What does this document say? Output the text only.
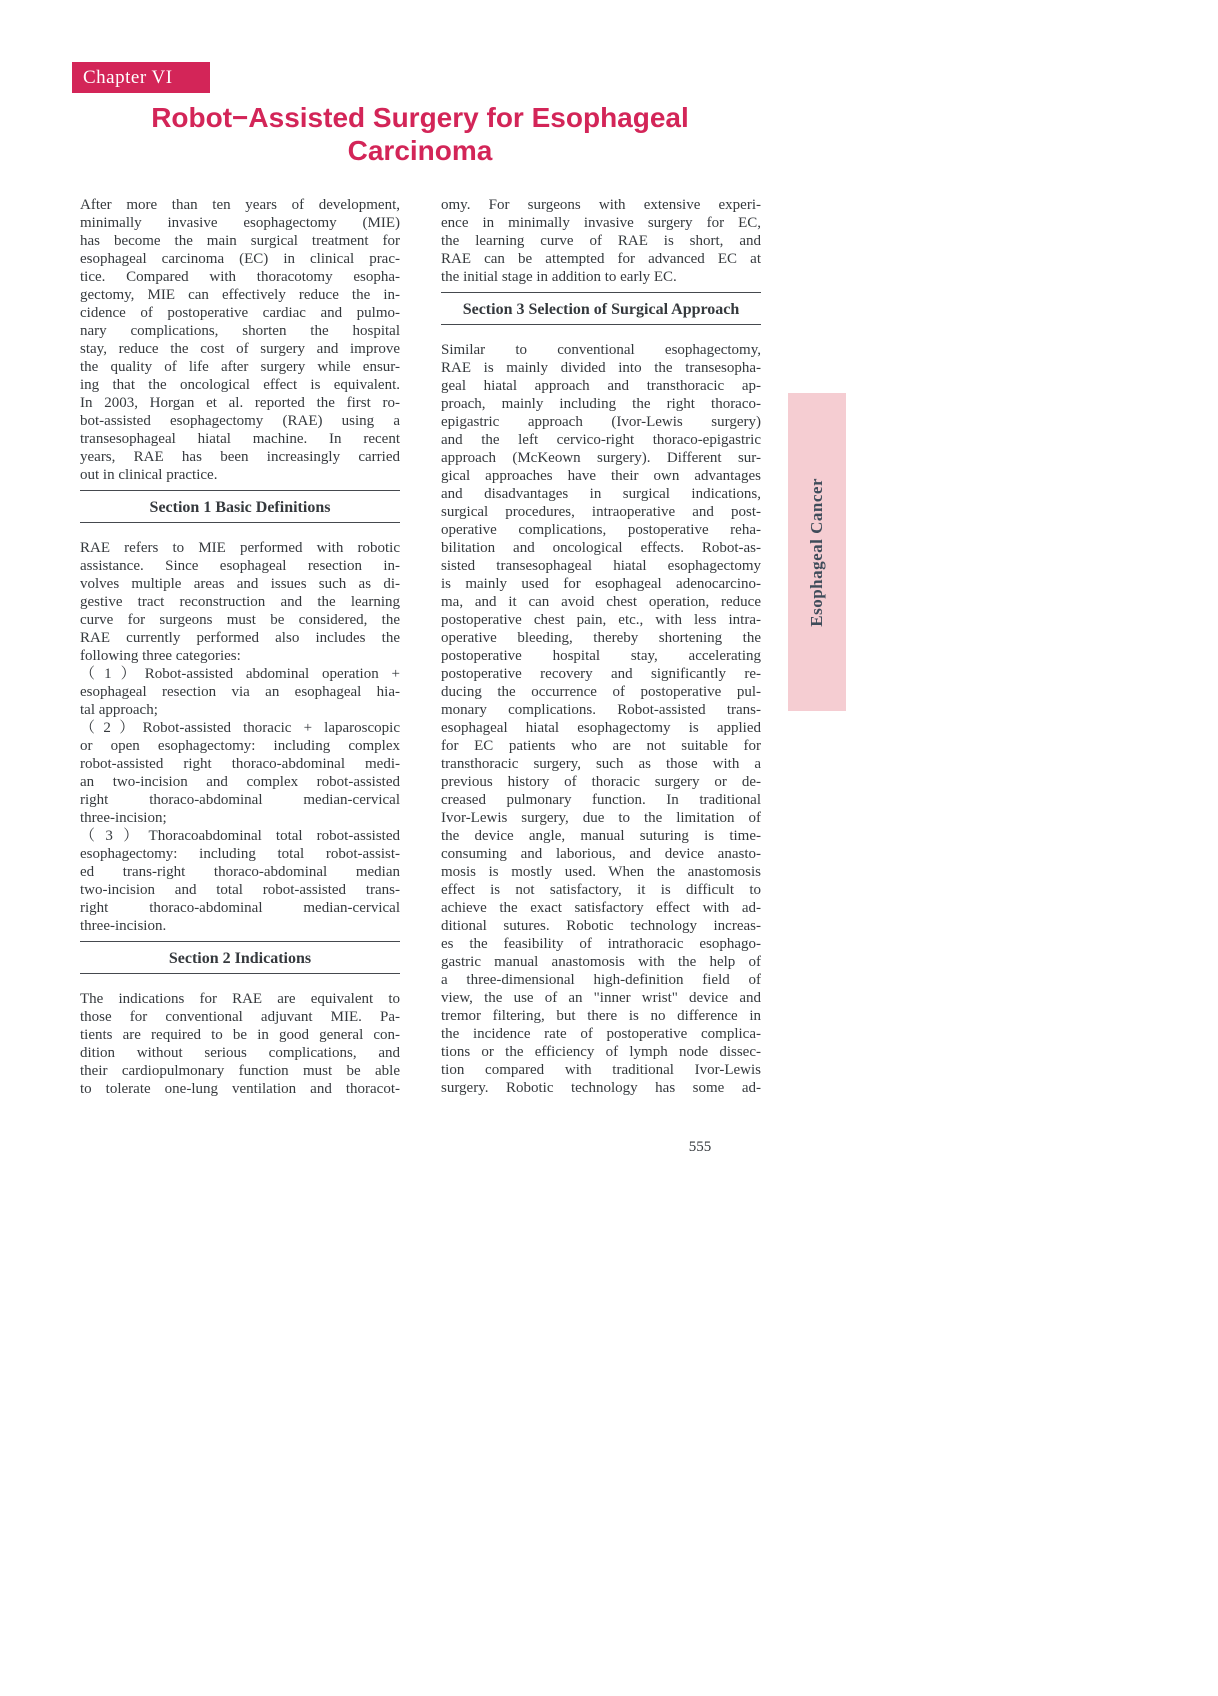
Chapter VI
Robot−Assisted Surgery for Esophageal
Carcinoma
After more than ten years of development,
minimally invasive esophagectomy (MIE)
has become the main surgical treatment for
esophageal carcinoma (EC) in clinical prac-
tice. Compared with thoracotomy esopha-
gectomy, MIE can effectively reduce the in-
cidence of postoperative cardiac and pulmo-
nary complications, shorten the hospital
stay, reduce the cost of surgery and improve
the quality of life after surgery while ensur-
ing that the oncological effect is equivalent.
In 2003, Horgan et al. reported the first ro-
bot-assisted esophagectomy (RAE) using a
transesophageal hiatal machine. In recent
years, RAE has been increasingly carried
out in clinical practice.
Section 1 Basic Definitions
RAE refers to MIE performed with robotic
assistance. Since esophageal resection in-
volves multiple areas and issues such as di-
gestive tract reconstruction and the learning
curve for surgeons must be considered, the
RAE currently performed also includes the
following three categories:
（1）Robot-assisted abdominal operation +
esophageal resection via an esophageal hia-
tal approach;
（2）Robot-assisted thoracic + laparoscopic
or open esophagectomy: including complex
robot-assisted right thoraco-abdominal medi-
an two-incision and complex robot-assisted
right thoraco-abdominal median-cervical
three-incision;
（3）Thoracoabdominal total robot-assisted
esophagectomy: including total robot-assist-
ed trans-right thoraco-abdominal median
two-incision and total robot-assisted trans-
right thoraco-abdominal median-cervical
three-incision.
Section 2 Indications
The indications for RAE are equivalent to
those for conventional adjuvant MIE. Pa-
tients are required to be in good general con-
dition without serious complications, and
their cardiopulmonary function must be able
to tolerate one-lung ventilation and thoracot-
omy. For surgeons with extensive experi-
ence in minimally invasive surgery for EC,
the learning curve of RAE is short, and
RAE can be attempted for advanced EC at
the initial stage in addition to early EC.
Section 3 Selection of Surgical Approach
Similar to conventional esophagectomy,
RAE is mainly divided into the transesopha-
geal hiatal approach and transthoracic ap-
proach, mainly including the right thoraco-
epigastric approach (Ivor-Lewis surgery)
and the left cervico-right thoraco-epigastric
approach (McKeown surgery). Different sur-
gical approaches have their own advantages
and disadvantages in surgical indications,
surgical procedures, intraoperative and post-
operative complications, postoperative reha-
bilitation and oncological effects. Robot-as-
sisted transesophageal hiatal esophagectomy
is mainly used for esophageal adenocarcino-
ma, and it can avoid chest operation, reduce
postoperative chest pain, etc., with less intra-
operative bleeding, thereby shortening the
postoperative hospital stay, accelerating
postoperative recovery and significantly re-
ducing the occurrence of postoperative pul-
monary complications. Robot-assisted trans-
esophageal hiatal esophagectomy is applied
for EC patients who are not suitable for
transthoracic surgery, such as those with a
previous history of thoracic surgery or de-
creased pulmonary function. In traditional
Ivor-Lewis surgery, due to the limitation of
the device angle, manual suturing is time-
consuming and laborious, and device anasto-
mosis is mostly used. When the anastomosis
effect is not satisfactory, it is difficult to
achieve the exact satisfactory effect with ad-
ditional sutures. Robotic technology increas-
es the feasibility of intrathoracic esophago-
gastric manual anastomosis with the help of
a three-dimensional high-definition field of
view, the use of an "inner wrist" device and
tremor filtering, but there is no difference in
the incidence rate of postoperative complica-
tions or the efficiency of lymph node dissec-
tion compared with traditional Ivor-Lewis
surgery. Robotic technology has some ad-
Esophageal Cancer
555
